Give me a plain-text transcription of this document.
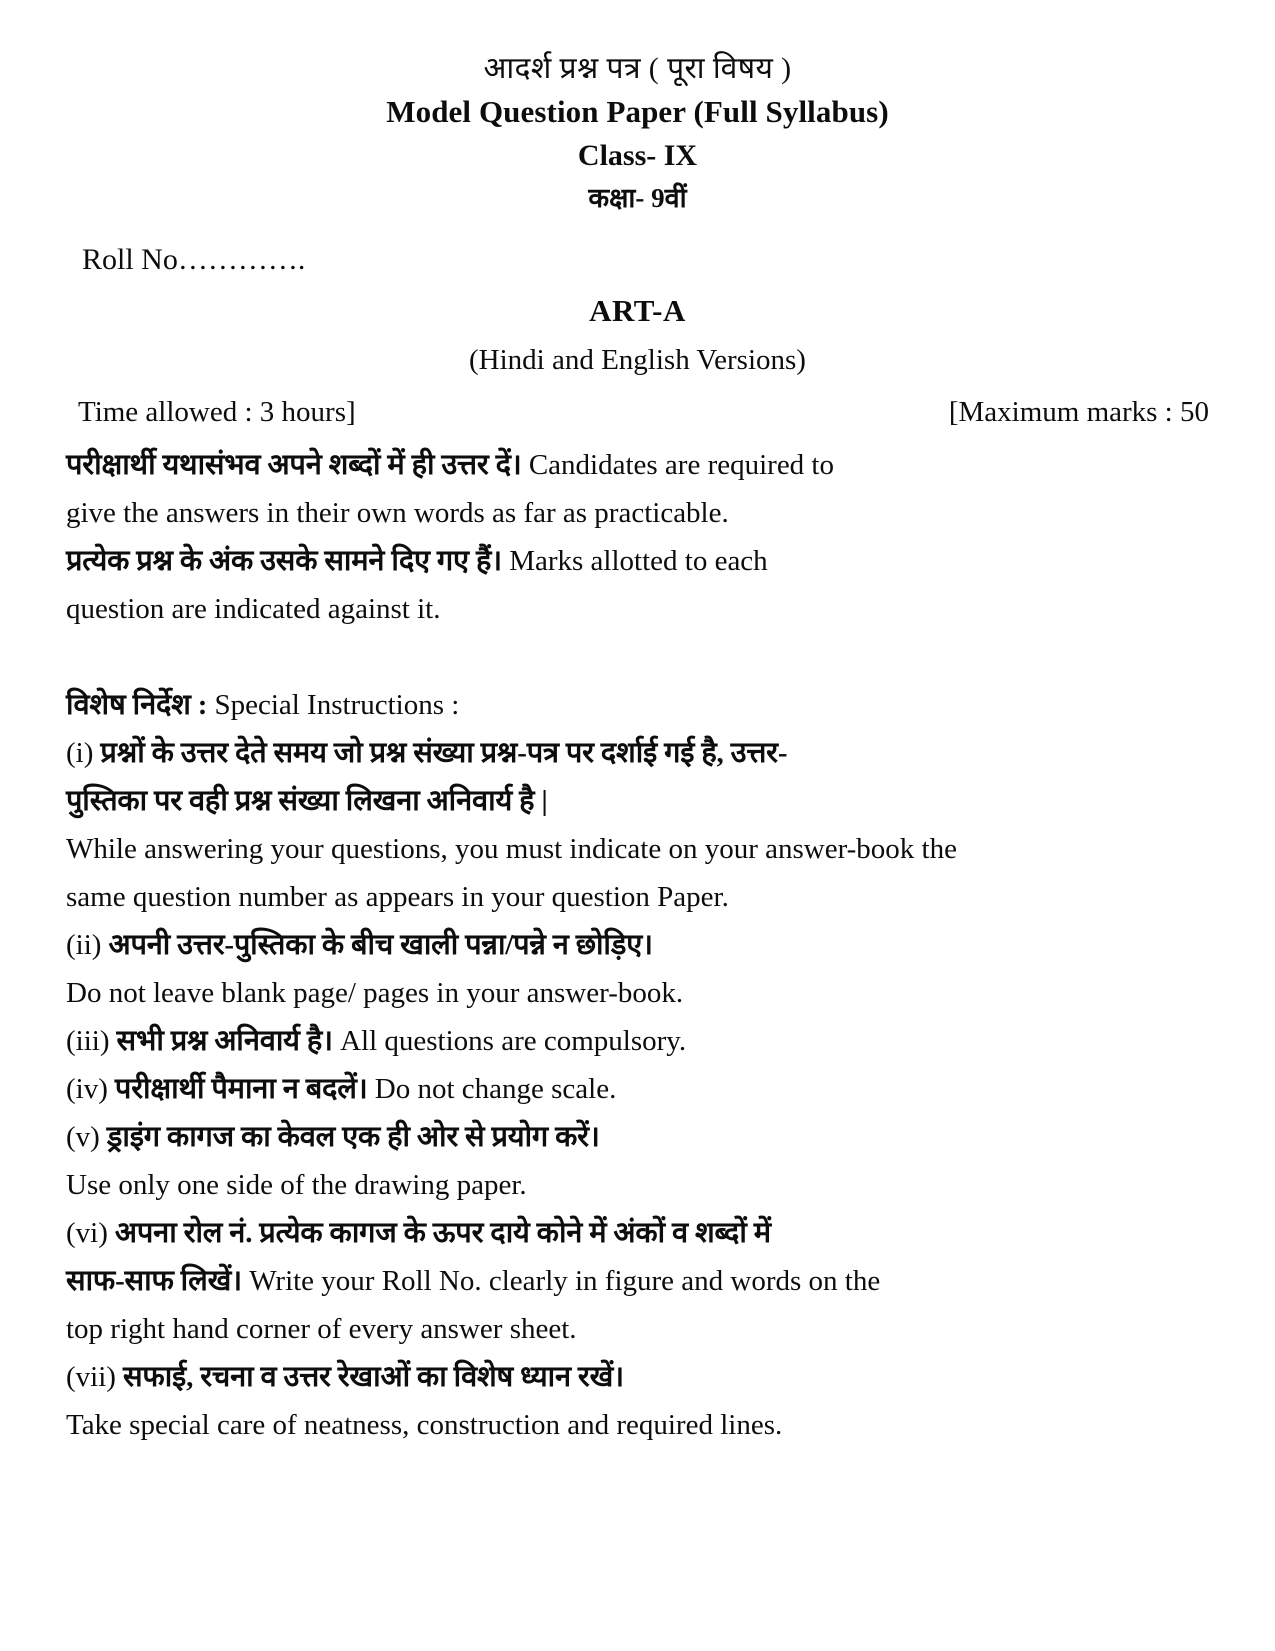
आदर्श प्रश्न पत्र ( पूरा विषय )
Model Question Paper (Full Syllabus)
Class- IX
कक्षा- 9वीं
Roll No………….
ART-A
(Hindi and English Versions)
Time allowed : 3 hours]	[Maximum marks : 50
परीक्षार्थी यथासंभव अपने शब्दों में ही उत्तर दें। Candidates are required to
give the answers in their own words as far as practicable.
प्रत्येक प्रश्न के अंक उसके सामने दिए गए हैं। Marks allotted to each
question are indicated against it.
विशेष निर्देश : Special Instructions :
(i) प्रश्नों के उत्तर देते समय जो प्रश्न संख्या प्रश्न-पत्र पर दर्शाई गई है, उत्तर-
पुस्तिका पर वही प्रश्न संख्या लिखना अनिवार्य है |
While answering your questions, you must indicate on your answer-book the
same question number as appears in your question Paper.
(ii) अपनी उत्तर-पुस्तिका के बीच खाली पन्ना/पन्ने न छोड़िए।
Do not leave blank page/ pages in your answer-book.
(iii) सभी प्रश्न अनिवार्य है। All questions are compulsory.
(iv) परीक्षार्थी पैमाना न बदलें। Do not change scale.
(v) ड्राइंग कागज का केवल एक ही ओर से प्रयोग करें।
Use only one side of the drawing paper.
(vi) अपना रोल नं. प्रत्येक कागज के ऊपर दाये कोने में अंकों व शब्दों में
साफ-साफ लिखें। Write your Roll No. clearly in figure and words on the
top right hand corner of every answer sheet.
(vii) सफाई, रचना व उत्तर रेखाओं का विशेष ध्यान रखें।
Take special care of neatness, construction and required lines.
